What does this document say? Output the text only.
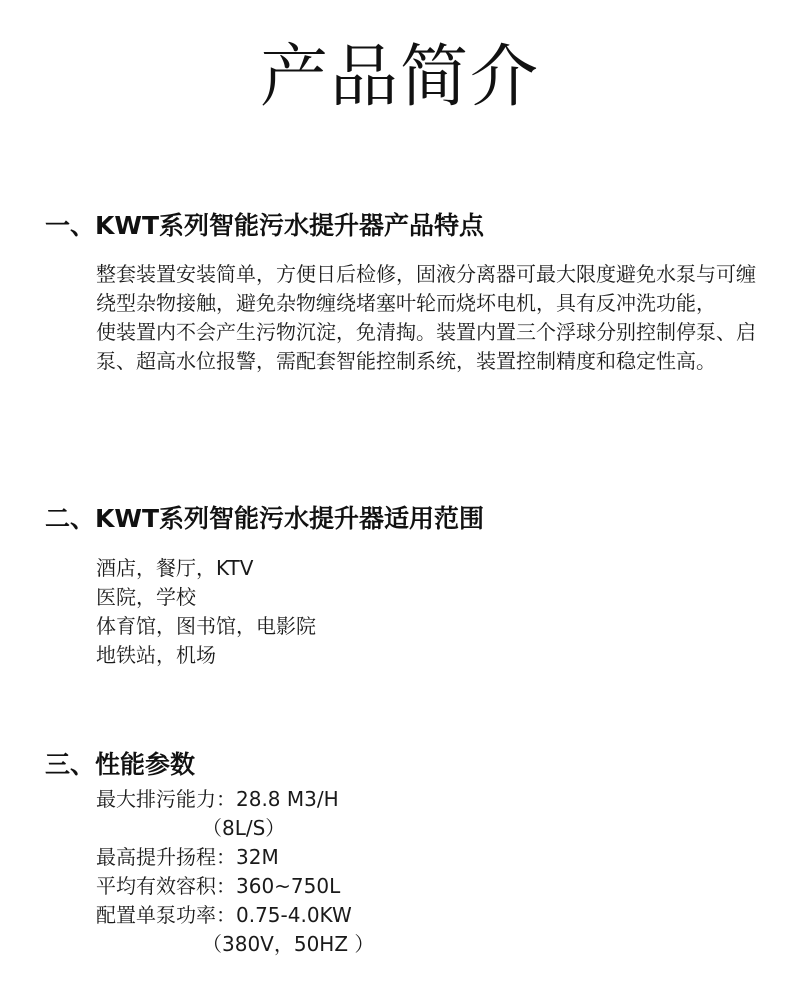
产品简介
一、KWT系列智能污水提升器产品特点

整套装置安装简单，方便日后检修，固液分离器可最大限度避免水泵与可缠绕型杂物接触，避免杂物缠绕堵塞叶轮而烧坏电机，具有反冲洗功能，

使装置内不会产生污物沉淀，免清掏。装置内置三个浮球分别控制停泵、启泵、超高水位报警，需配套智能控制系统，装置控制精度和稳定性高。

二、KWT系列智能污水提升器适用范围

酒店，餐厅，KTV

医院，学校

体育馆，图书馆，电影院

地铁站，机场

三、性能参数

最大排污能力：28.8 M3/H

（8L/S）

最高提升扬程：32M

平均有效容积：360~750L

配置单泵功率：0.75-4.0KW

（380V，50HZ ）
